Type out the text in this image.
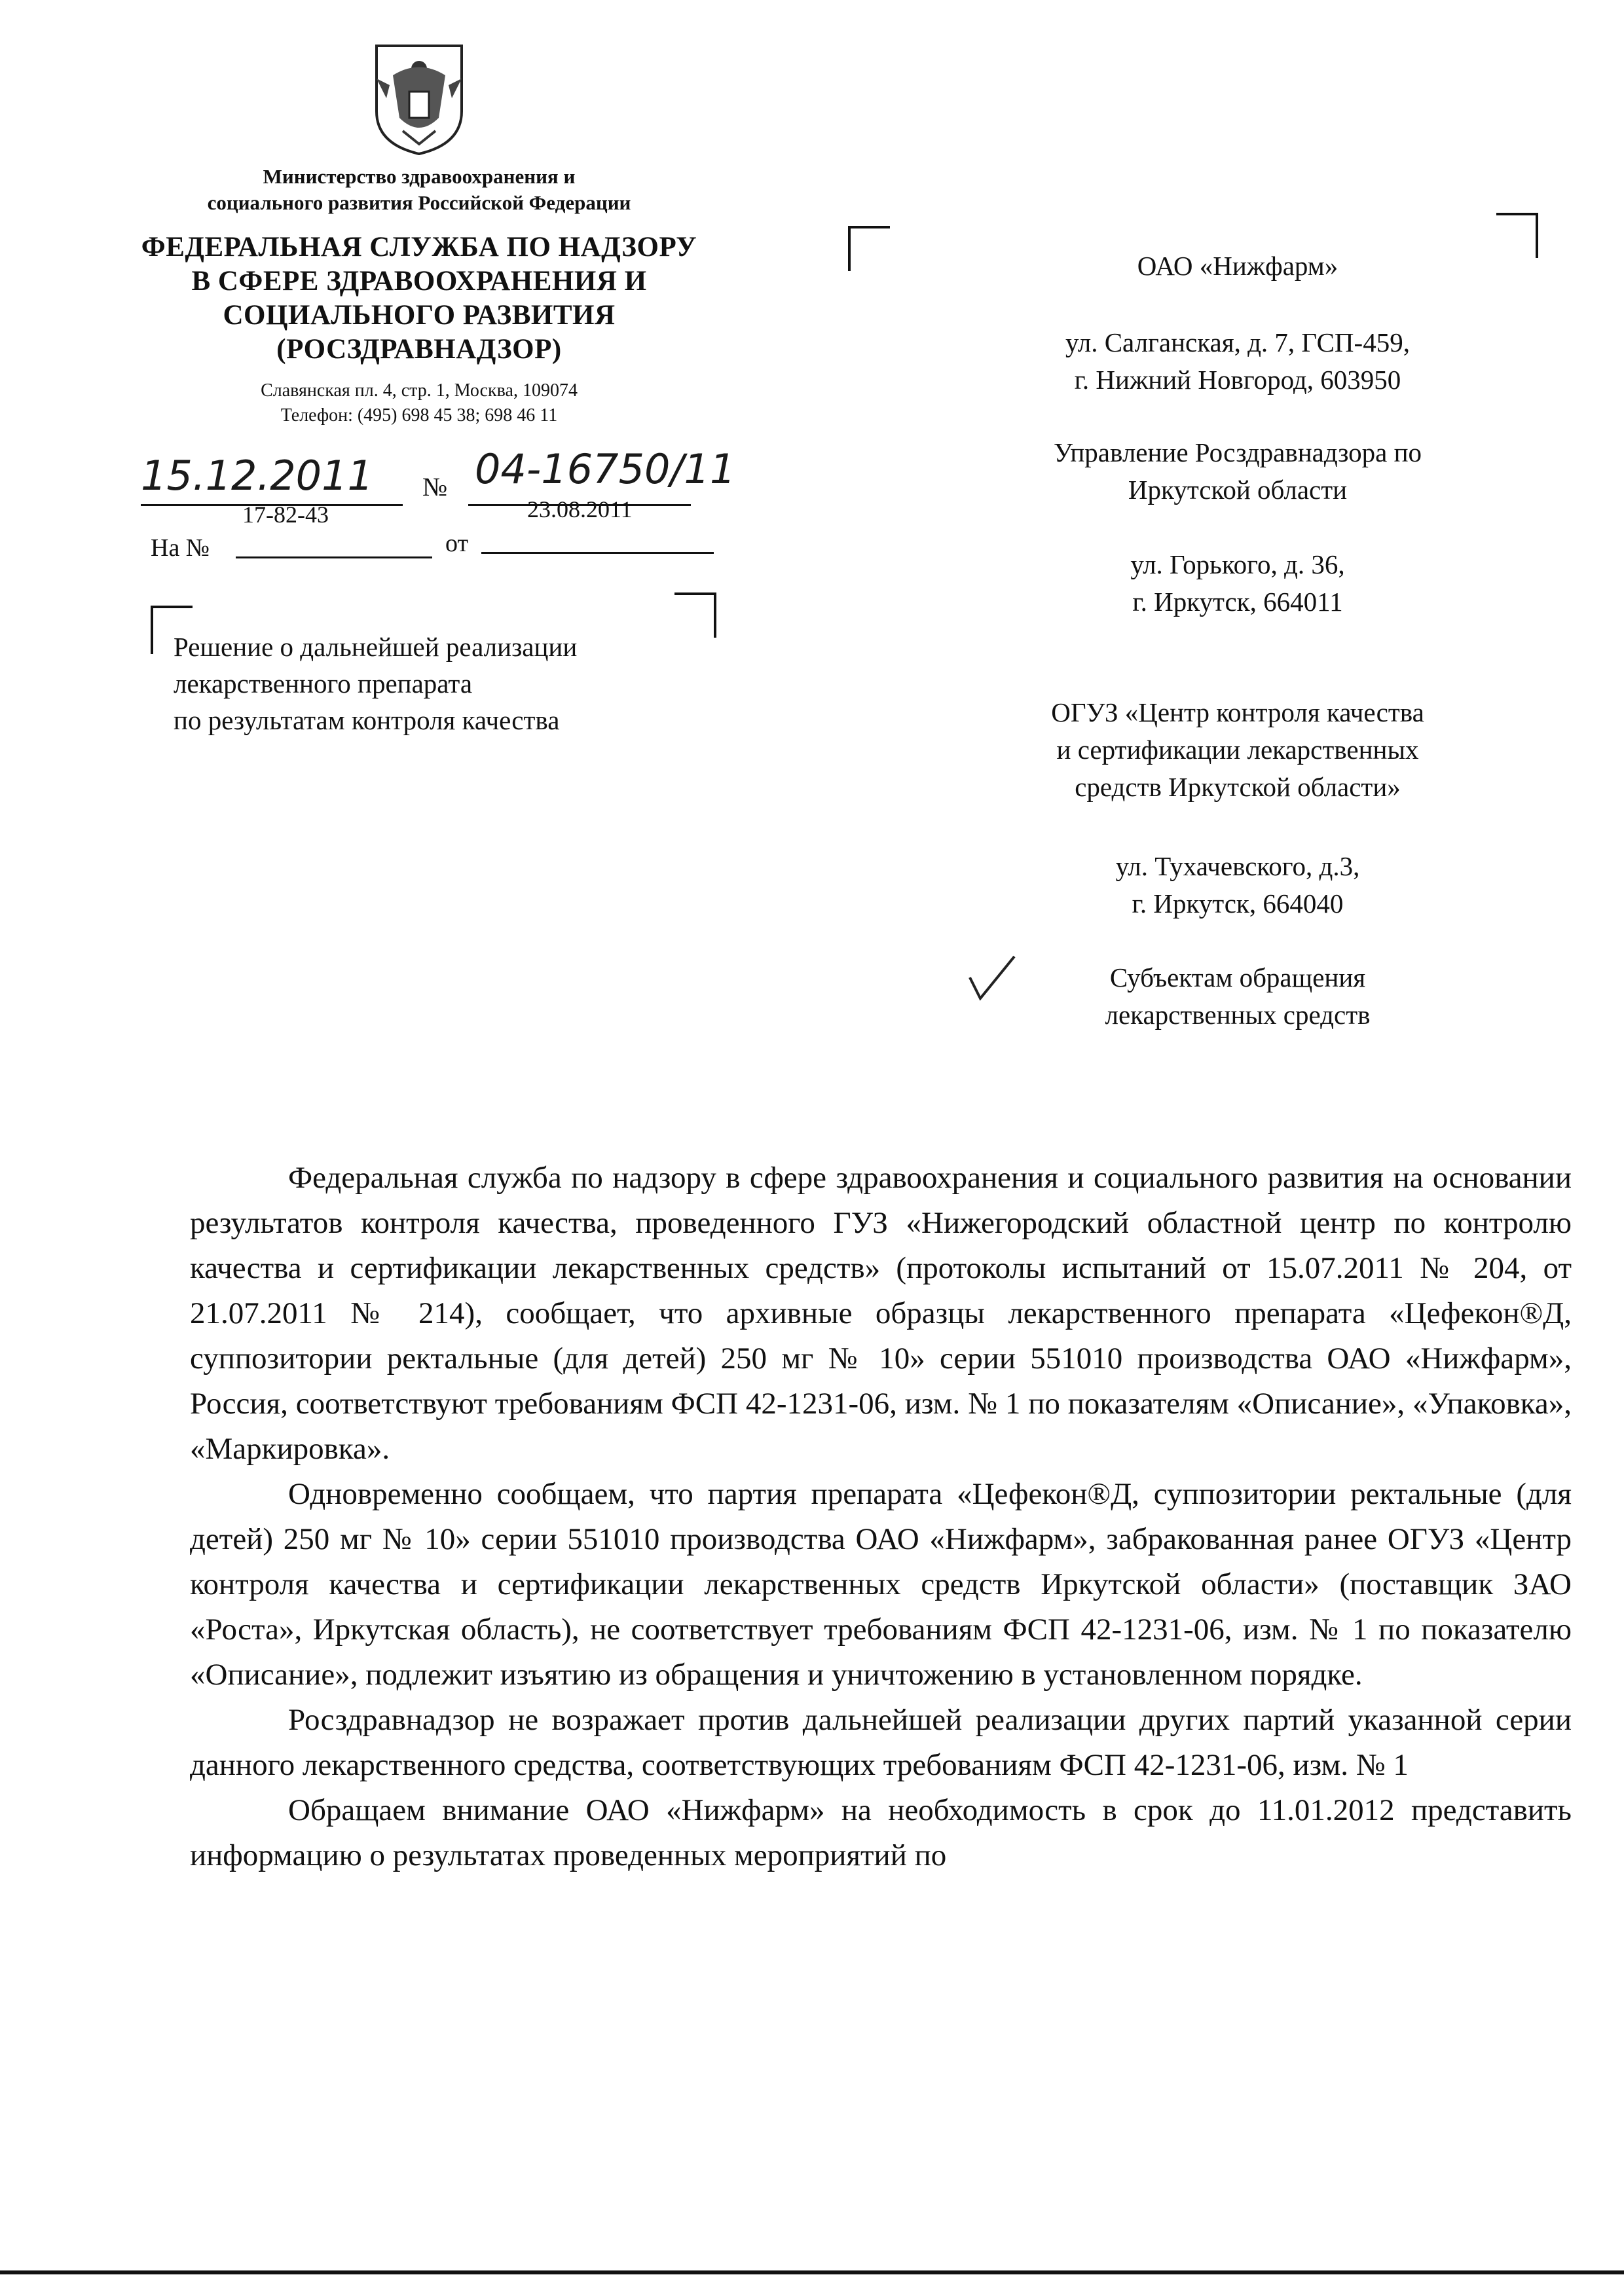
Министерство здравоохранения и
социального развития Российской Федерации
ФЕДЕРАЛЬНАЯ СЛУЖБА ПО НАДЗОРУ
В СФЕРЕ ЗДРАВООХРАНЕНИЯ И
СОЦИАЛЬНОГО РАЗВИТИЯ
(РОСЗДРАВНАДЗОР)
Славянская пл. 4, стр. 1, Москва, 109074
Телефон: (495) 698 45 38; 698 46 11
15.12.2011 № 04-16750/11
17-82-43	23.08.2011
На №	от
Решение о дальнейшей реализации
лекарственного препарата
по результатам контроля качества
ОАО «Нижфарм»
ул. Салганская, д. 7, ГСП-459,
г. Нижний Новгород, 603950
Управление Росздравнадзора по
Иркутской области
ул. Горького, д. 36,
г. Иркутск, 664011
ОГУЗ «Центр контроля качества
и сертификации лекарственных
средств Иркутской области»
ул. Тухачевского, д.3,
г. Иркутск, 664040
Субъектам обращения
лекарственных средств

Федеральная служба по надзору в сфере здравоохранения и социального развития на основании результатов контроля качества, проведенного ГУЗ «Нижегородский областной центр по контролю качества и сертификации лекарственных средств» (протоколы испытаний от 15.07.2011 № 204, от 21.07.2011 № 214), сообщает, что архивные образцы лекарственного препарата «Цефекон®Д, суппозитории ректальные (для детей) 250 мг № 10» серии 551010 производства ОАО «Нижфарм», Россия, соответствуют требованиям ФСП 42-1231-06, изм. № 1 по показателям «Описание», «Упаковка», «Маркировка».

Одновременно сообщаем, что партия препарата «Цефекон®Д, суппозитории ректальные (для детей) 250 мг № 10» серии 551010 производства ОАО «Нижфарм», забракованная ранее ОГУЗ «Центр контроля качества и сертификации лекарственных средств Иркутской области» (поставщик ЗАО «Роста», Иркутская область), не соответствует требованиям ФСП 42-1231-06, изм. № 1 по показателю «Описание», подлежит изъятию из обращения и уничтожению в установленном порядке.

Росздравнадзор не возражает против дальнейшей реализации других партий указанной серии данного лекарственного средства, соответствующих требованиям ФСП 42-1231-06, изм. № 1

Обращаем внимание ОАО «Нижфарм» на необходимость в срок до 11.01.2012 представить информацию о результатах проведенных мероприятий по
